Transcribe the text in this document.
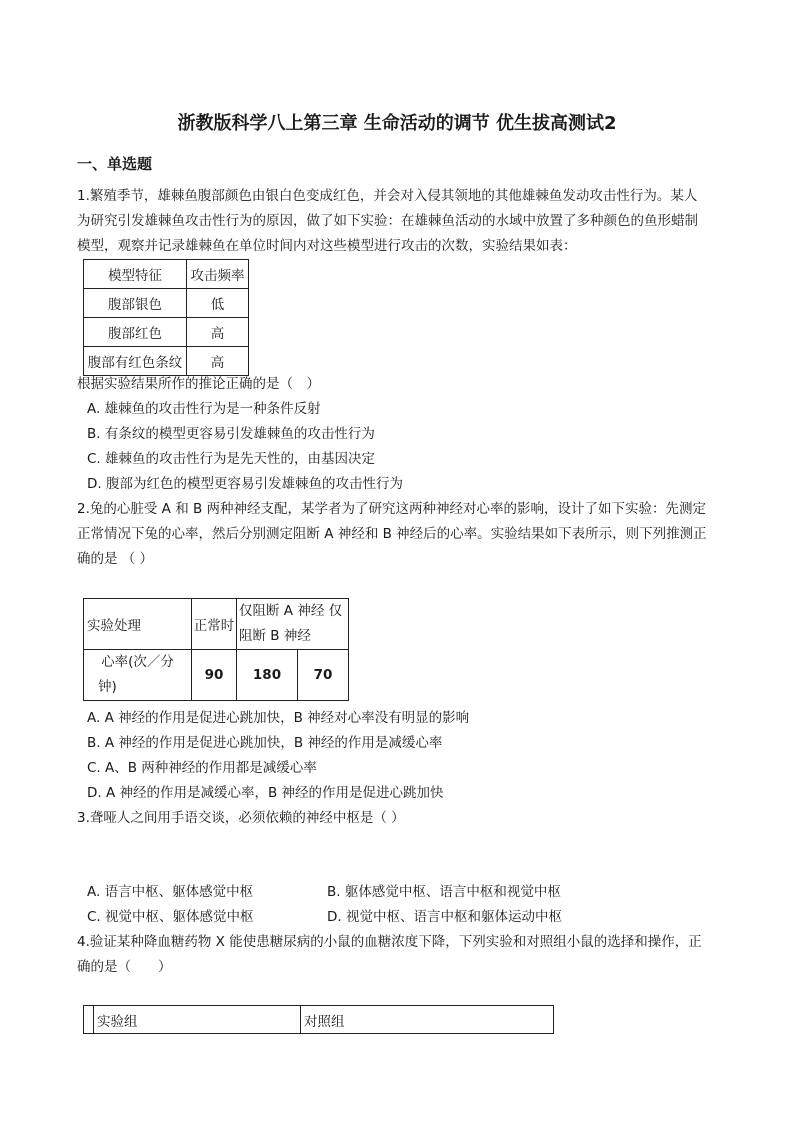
浙教版科学八上第三章 生命活动的调节 优生拔高测试2
一、单选题
1.繁殖季节，雄棘鱼腹部颜色由银白色变成红色，并会对入侵其领地的其他雄棘鱼发动攻击性行为。某人
为研究引发雄棘鱼攻击性行为的原因，做了如下实验：在雄棘鱼活动的水域中放置了多种颜色的鱼形蜡制
模型，观察并记录雄棘鱼在单位时间内对这些模型进行攻击的次数，实验结果如表：
模型特征	攻击频率
腹部银色	低
腹部红色	高
腹部有红色条纹	高
根据实验结果所作的推论正确的是（　）
A. 雄棘鱼的攻击性行为是一种条件反射
B. 有条纹的模型更容易引发雄棘鱼的攻击性行为
C. 雄棘鱼的攻击性行为是先天性的，由基因决定
D. 腹部为红色的模型更容易引发雄棘鱼的攻击性行为
2.兔的心脏受 A 和 B 两种神经支配，某学者为了研究这两种神经对心率的影响，设计了如下实验：先测定
正常情况下兔的心率，然后分别测定阻断 A 神经和 B 神经后的心率。实验结果如下表所示，则下列推测正
确的是 （ ）
实验处理	正常时	仅阻断 A 神经 仅
阻断 B 神经	

心率(次／分
钟)	90	180	70
A. A 神经的作用是促进心跳加快，B 神经对心率没有明显的影响
B. A 神经的作用是促进心跳加快，B 神经的作用是减缓心率
C. A、B 两种神经的作用都是减缓心率
D. A 神经的作用是减缓心率，B 神经的作用是促进心跳加快
3.聋哑人之间用手语交谈，必须依赖的神经中枢是（ ）
A. 语言中枢、躯体感觉中枢	B. 躯体感觉中枢、语言中枢和视觉中枢
C. 视觉中枢、躯体感觉中枢	D. 视觉中枢、语言中枢和躯体运动中枢
4.验证某种降血糖药物 X 能使患糖尿病的小鼠的血糖浓度下降，下列实验和对照组小鼠的选择和操作，正
确的是（　　）
	实验组	对照组
